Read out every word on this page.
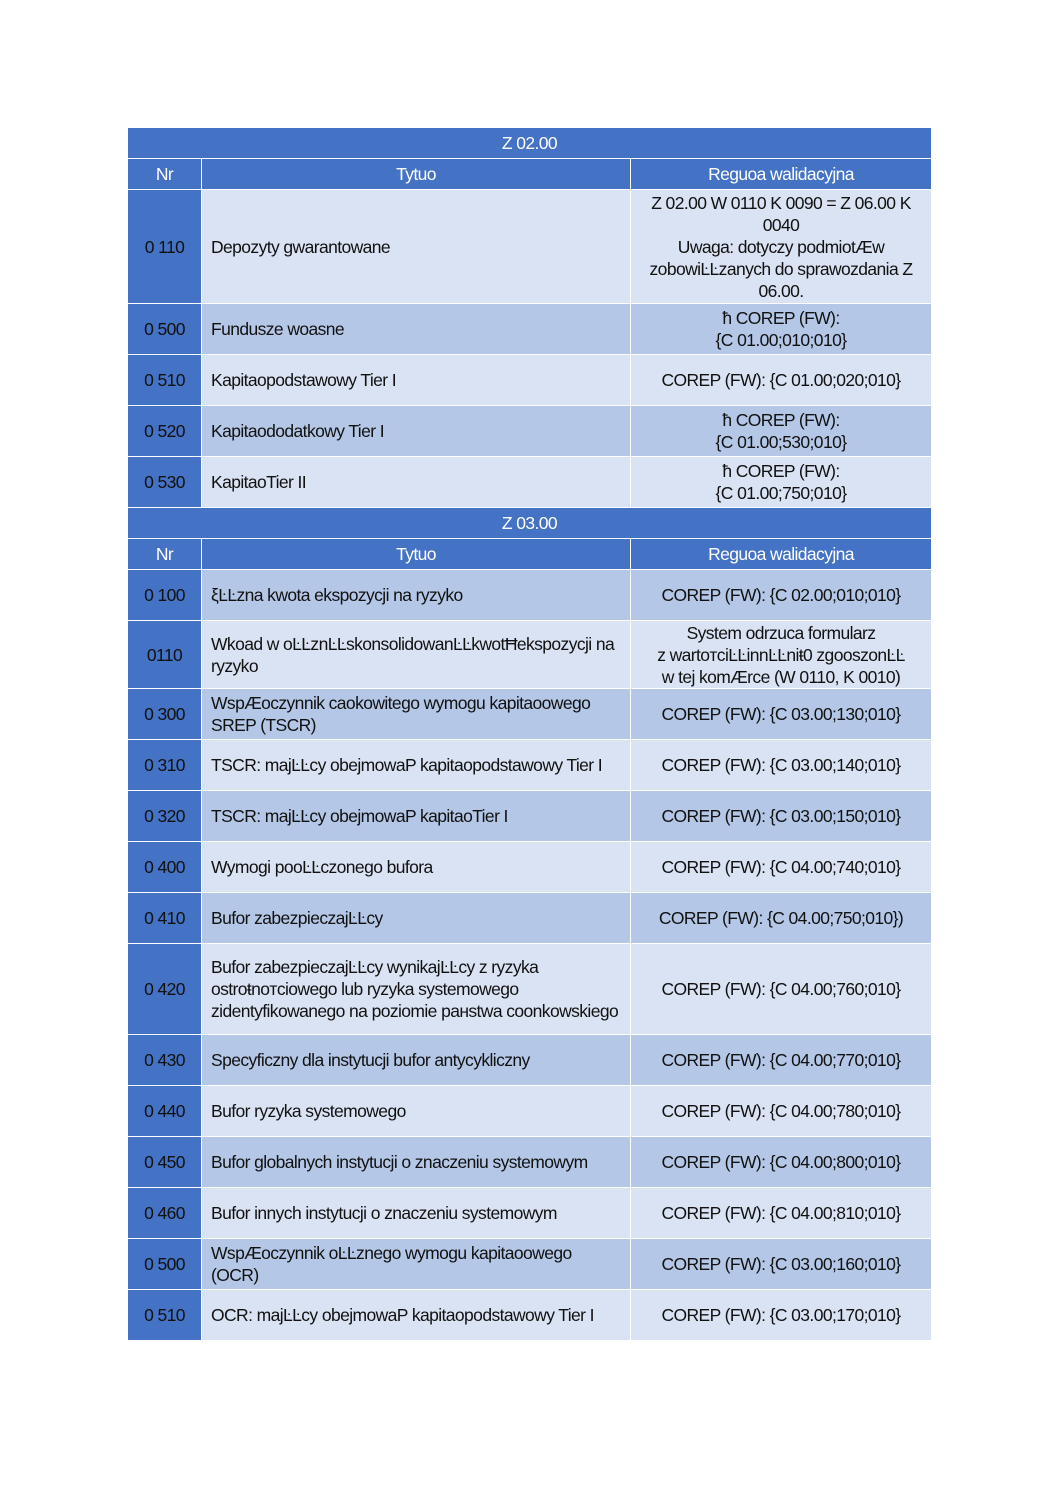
Z 02.00		
Nr	Tytuo	Reguoa walidacyjna
0 110	Depozyty gwarantowane	Z 02.00 W 0110 K 0090 = Z 06.00 K 0040
Uwaga: dotyczy podmiotÆw zobowiĿĿzanych do sprawozdania Z 06.00.
0 500	Fundusze woasne	ħ COREP (FW):
{C 01.00;010;010}
0 510	Kapitaopodstawowy Tier I	COREP (FW): {C 01.00;020;010}
0 520	Kapitaododatkowy Tier I	ħ COREP (FW):
{C 01.00;530;010}
0 530	KapitaoTier II	ħ COREP (FW):
{C 01.00;750;010}
Z 03.00		
Nr	Tytuo	Reguoa walidacyjna
0 100	ξĿĿzna kwota ekspozycji na ryzyko	COREP (FW): {C 02.00;010;010}
0110	Wkoad w oĿĿznĿĿskonsolidowanĿĿkwotĦekspozycji na ryzyko	System odrzuca formularz
z wartoтciĿĿinnĿĿniŧ0 zgooszonĿĿ
w tej komÆrce (W 0110, K 0010)
0 300	WspÆoczynnik caokowitego wymogu kapitaoowego SREP (TSCR)	COREP (FW): {C 03.00;130;010}
0 310	TSCR: majĿĿcy obejmowaP kapitaopodstawowy Tier I	COREP (FW): {C 03.00;140;010}
0 320	TSCR: majĿĿcy obejmowaP kapitaoTier I	COREP (FW): {C 03.00;150;010}
0 400	Wymogi pooĿĿczonego bufora	COREP (FW): {C 04.00;740;010}
0 410	Bufor zabezpieczajĿĿcy	COREP (FW): {C 04.00;750;010})
0 420	Bufor zabezpieczajĿĿcy wynikajĿĿcy z ryzyka ostroŧnoтciowego lub ryzyka systemowego zidentyfikowanego na poziomie paнstwa coonkowskiego	COREP (FW): {C 04.00;760;010}
0 430	Specyficzny dla instytucji bufor antycykliczny	COREP (FW): {C 04.00;770;010}
0 440	Bufor ryzyka systemowego	COREP (FW): {C 04.00;780;010}
0 450	Bufor globalnych instytucji o znaczeniu systemowym	COREP (FW): {C 04.00;800;010}
0 460	Bufor innych instytucji o znaczeniu systemowym	COREP (FW): {C 04.00;810;010}
0 500	WspÆoczynnik oĿĿznego wymogu kapitaoowego (OCR)	COREP (FW): {C 03.00;160;010}
0 510	OCR: majĿĿcy obejmowaP kapitaopodstawowy Tier I	COREP (FW): {C 03.00;170;010}
